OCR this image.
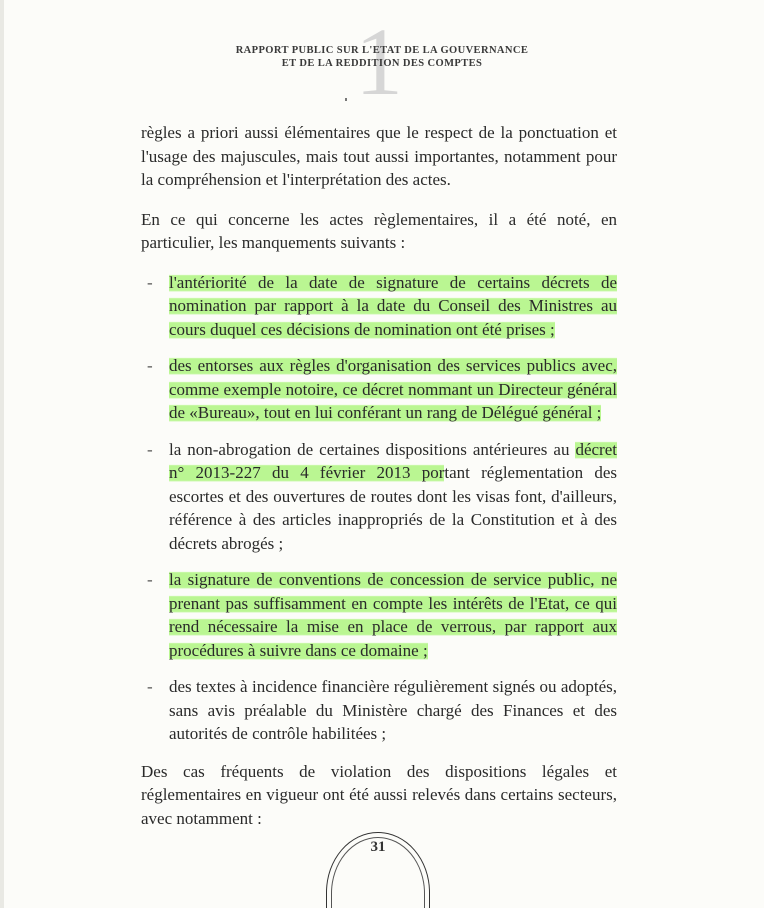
1
RAPPORT PUBLIC SUR L'ETAT DE LA GOUVERNANCE
ET DE LA REDDITION DES COMPTES

règles a priori aussi élémentaires que le respect de la ponctuation et l'usage des majuscules, mais tout aussi importantes, notamment pour la compréhension et l'interprétation des actes.

En ce qui concerne les actes règlementaires, il a été noté, en particulier, les manquements suivants :

- l'antériorité de la date de signature de certains décrets de nomination par rapport à la date du Conseil des Ministres au cours duquel ces décisions de nomination ont été prises ;
- des entorses aux règles d'organisation des services publics avec, comme exemple notoire, ce décret nommant un Directeur général de «Bureau», tout en lui conférant un rang de Délégué général ;
- la non-abrogation de certaines dispositions antérieures au décret n° 2013-227 du 4 février 2013 portant réglementation des escortes et des ouvertures de routes dont les visas font, d'ailleurs, référence à des articles inappropriés de la Constitution et à des décrets abrogés ;
- la signature de conventions de concession de service public, ne prenant pas suffisamment en compte les intérêts de l'Etat, ce qui rend nécessaire la mise en place de verrous, par rapport aux procédures à suivre dans ce domaine ;
- des textes à incidence financière régulièrement signés ou adoptés, sans avis préalable du Ministère chargé des Finances et des autorités de contrôle habilitées ;

Des cas fréquents de violation des dispositions légales et réglementaires en vigueur ont été aussi relevés dans certains secteurs, avec notamment :

31
